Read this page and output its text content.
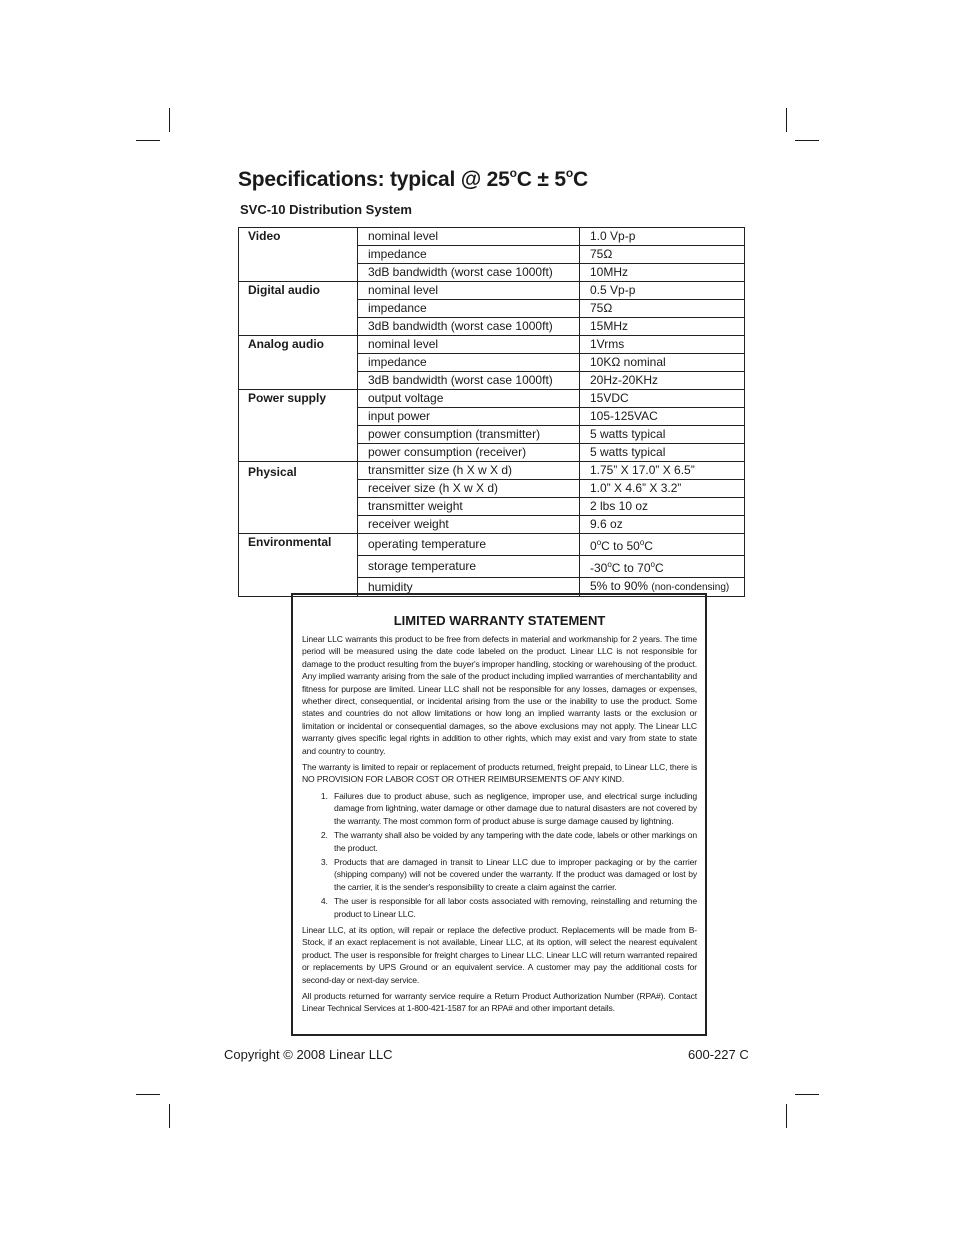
Specifications: typical @ $25^oC \pm 5^oC$
SVC-10 Distribution System
Video	nominal level	1.0 Vp-p
	impedance	75Ω
	3dB bandwidth (worst case 1000ft)	10MHz
Digital audio	nominal level	0.5 Vp-p
	impedance	75Ω
	3dB bandwidth (worst case 1000ft)	15MHz
Analog audio	nominal level	1Vrms
	impedance	10KΩ nominal
	3dB bandwidth (worst case 1000ft)	20Hz-20KHz
Power supply	output voltage	15VDC
	input power	105-125VAC
	power consumption (transmitter)	5 watts typical
	power consumption (receiver)	5 watts typical
Physical	transmitter size (h X w X d)	1.75” X 17.0” X 6.5”
	receiver size (h X w X d)	1.0” X 4.6” X 3.2”
	transmitter weight	2 lbs 10 oz
	receiver weight	9.6 oz
Environmental	operating temperature	0$^o$C to 50$^o$C
	storage temperature	-30$^o$C to 70$^o$C
	humidity	5% to 90% (non-condensing)
LIMITED WARRANTY STATEMENT

Linear LLC warrants this product to be free from defects in material and workmanship for 2 years. The time period will be measured using the date code labeled on the product. Linear LLC is not responsible for damage to the product resulting from the buyer's improper handling, stocking or warehousing of the product. Any implied warranty arising from the sale of the product including implied warranties of merchantability and fitness for purpose are limited. Linear LLC shall not be responsible for any losses, damages or expenses, whether direct, consequential, or incidental arising from the use or the inability to use the product. Some states and countries do not allow limitations or how long an implied warranty lasts or the exclusion or limitation or incidental or consequential damages, so the above exclusions may not apply. The Linear LLC warranty gives specific legal rights in addition to other rights, which may exist and vary from state to state and country to country.

The warranty is limited to repair or replacement of products returned, freight prepaid, to Linear LLC, there is NO PROVISION FOR LABOR COST OR OTHER REIMBURSEMENTS OF ANY KIND.

1. Failures due to product abuse, such as negligence, improper use, and electrical surge including damage from lightning, water damage or other damage due to natural disasters are not covered by the warranty. The most common form of product abuse is surge damage caused by lightning.
2. The warranty shall also be voided by any tampering with the date code, labels or other markings on the product.
3. Products that are damaged in transit to Linear LLC due to improper packaging or by the carrier (shipping company) will not be covered under the warranty. If the product was damaged or lost by the carrier, it is the sender's responsibility to create a claim against the carrier.
4. The user is responsible for all labor costs associated with removing, reinstalling and returning the product to Linear LLC.

Linear LLC, at its option, will repair or replace the defective product. Replacements will be made from B-Stock, if an exact replacement is not available, Linear LLC, at its option, will select the nearest equivalent product. The user is responsible for freight charges to Linear LLC. Linear LLC will return warranted repaired or replacements by UPS Ground or an equivalent service. A customer may pay the additional costs for second-day or next-day service.

All products returned for warranty service require a Return Product Authorization Number (RPA#). Contact Linear Technical Services at 1-800-421-1587 for an RPA# and other important details.

Copyright © 2008 Linear LLC	600-227 C
